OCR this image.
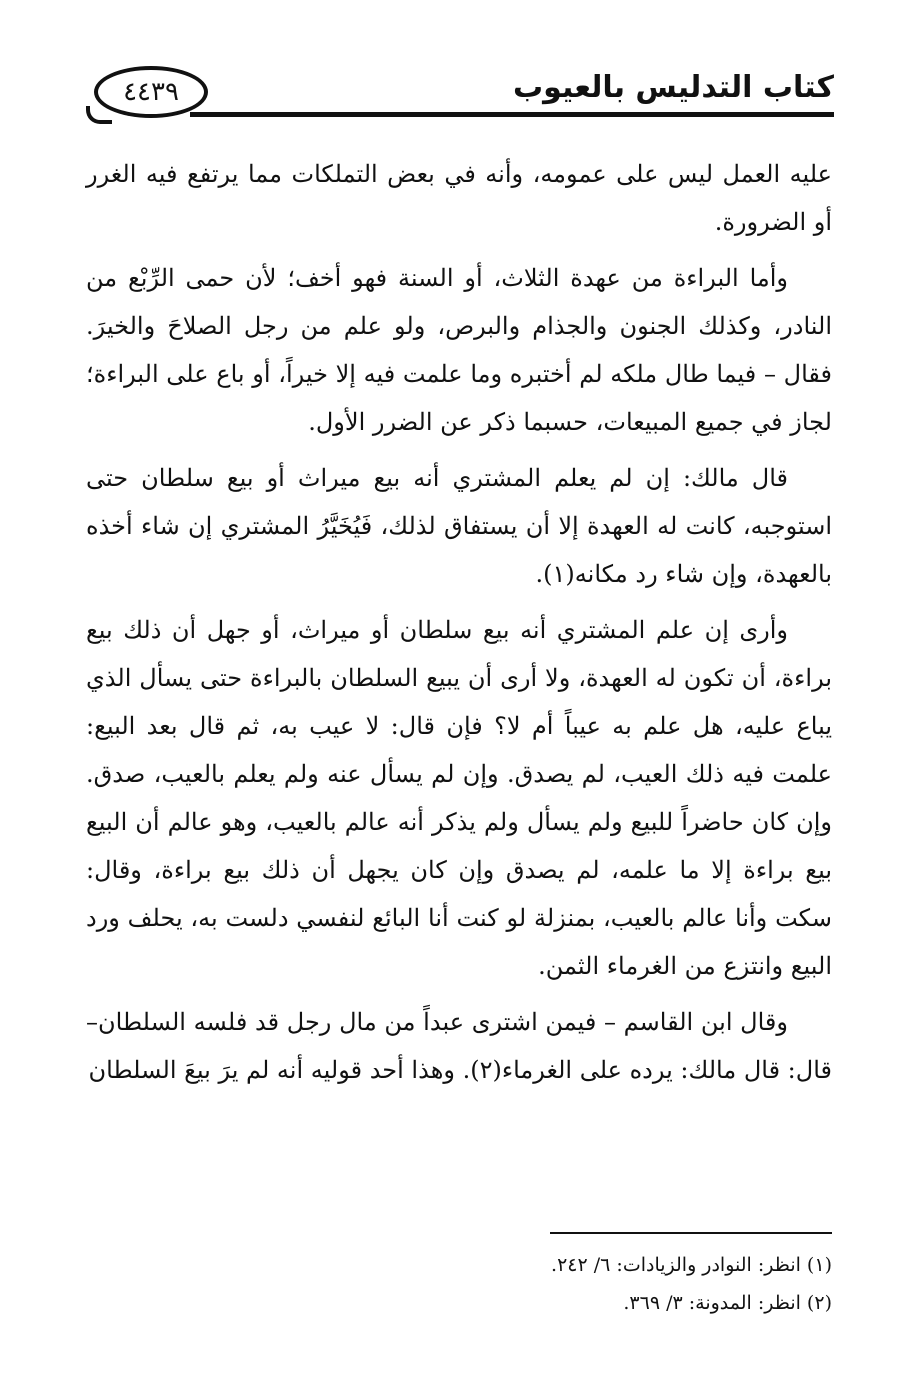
كتاب التدليس بالعيوب
٤٤٣٩

عليه العمل ليس على عمومه، وأنه في بعض التملكات مما يرتفع فيه الغرر أو الضرورة.

وأما البراءة من عهدة الثلاث، أو السنة فهو أخف؛ لأن حمى الرِّبْع من النادر، وكذلك الجنون والجذام والبرص، ولو علم من رجل الصلاحَ والخيرَ. فقال – فيما طال ملكه لم أختبره وما علمت فيه إلا خيراً، أو باع على البراءة؛ لجاز في جميع المبيعات، حسبما ذكر عن الضرر الأول.

قال مالك: إن لم يعلم المشتري أنه بيع ميراث أو بيع سلطان حتى استوجبه، كانت له العهدة إلا أن يستفاق لذلك، فَيُخَيَّرُ المشتري إن شاء أخذه بالعهدة، وإن شاء رد مكانه(١).

وأرى إن علم المشتري أنه بيع سلطان أو ميراث، أو جهل أن ذلك بيع براءة، أن تكون له العهدة، ولا أرى أن يبيع السلطان بالبراءة حتى يسأل الذي يباع عليه، هل علم به عيباً أم لا؟ فإن قال: لا عيب به، ثم قال بعد البيع: علمت فيه ذلك العيب، لم يصدق. وإن لم يسأل عنه ولم يعلم بالعيب، صدق. وإن كان حاضراً للبيع ولم يسأل ولم يذكر أنه عالم بالعيب، وهو عالم أن البيع بيع براءة إلا ما علمه، لم يصدق وإن كان يجهل أن ذلك بيع براءة، وقال: سكت وأنا عالم بالعيب، بمنزلة لو كنت أنا البائع لنفسي دلست به، يحلف ورد البيع وانتزع من الغرماء الثمن.

وقال ابن القاسم – فيمن اشترى عبداً من مال رجل قد فلسه السلطان– قال: قال مالك: يرده على الغرماء(٢). وهذا أحد قوليه أنه لم يرَ بيعَ السلطان

(١) انظر: النوادر والزيادات: ٦/ ٢٤٢.
(٢) انظر: المدونة: ٣/ ٣٦٩.
